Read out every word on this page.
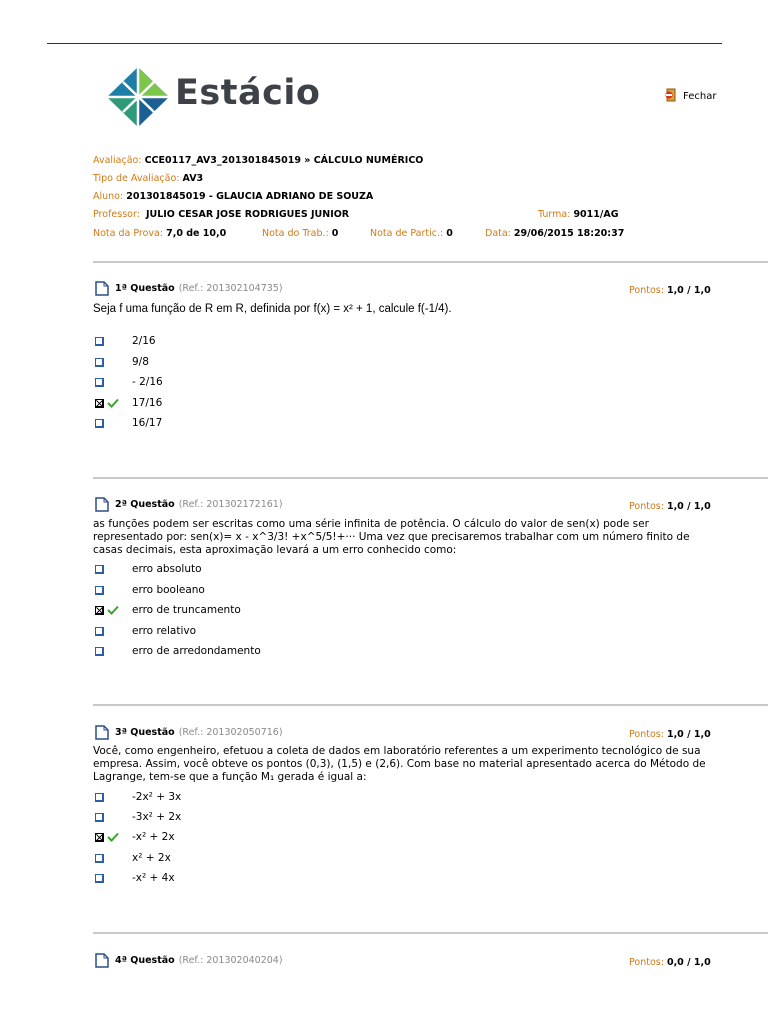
Estácio	Fechar
Avaliação: CCE0117_AV3_201301845019 » CÁLCULO NUMÉRICO
Tipo de Avaliação: AV3
Aluno: 201301845019 - GLAUCIA ADRIANO DE SOUZA
Professor: JULIO CESAR JOSE RODRIGUES JUNIOR	Turma: 9011/AG
Nota da Prova: 7,0 de 10,0	Nota do Trab.: 0	Nota de Partic.: 0	Data: 29/06/2015 18:20:37
1ª Questão (Ref.: 201302104735)	Pontos: 1,0 / 1,0
Seja f uma função de R em R, definida por f(x) = x² + 1, calcule f(-1/4).
2/16
9/8
- 2/16
17/16
16/17
2ª Questão (Ref.: 201302172161)	Pontos: 1,0 / 1,0
as funções podem ser escritas como uma série infinita de potência. O cálculo do valor de sen(x) pode ser representado por: sen(x)= x - x^3/3! +x^5/5!+··· Uma vez que precisaremos trabalhar com um número finito de casas decimais, esta aproximação levará a um erro conhecido como:
erro absoluto
erro booleano
erro de truncamento
erro relativo
erro de arredondamento
3ª Questão (Ref.: 201302050716)	Pontos: 1,0 / 1,0
Você, como engenheiro, efetuou a coleta de dados em laboratório referentes a um experimento tecnológico de sua empresa. Assim, você obteve os pontos (0,3), (1,5) e (2,6). Com base no material apresentado acerca do Método de Lagrange, tem-se que a função M₁ gerada é igual a:
-2x² + 3x
-3x² + 2x
-x² + 2x
x² + 2x
-x² + 4x
4ª Questão (Ref.: 201302040204)	Pontos: 0,0 / 1,0
